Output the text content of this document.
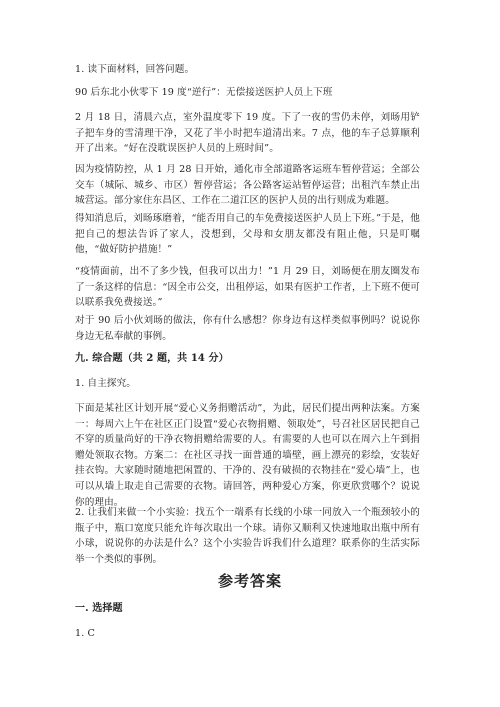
1. 读下面材料，回答问题。

90 后东北小伙零下 19 度“逆行”：无偿接送医护人员上下班

2 月 18 日，清晨六点，室外温度零下 19 度。下了一夜的雪仍未停，刘旸用铲子把车身的雪清理干净，又花了半小时把车道清出来。7 点，他的车子总算顺利开了出来。“好在没耽误医护人员的上班时间”。

因为疫情防控，从 1 月 28 日开始，通化市全部道路客运班车暂停营运；全部公交车（城际、城乡、市区）暂停营运；各公路客运站暂停运营；出租汽车禁止出城营运。部分家住东昌区、工作在二道江区的医护人员的出行则成为难题。

得知消息后，刘旸琢磨着，“能否用自己的车免费接送医护人员上下班。”于是，他把自己的想法告诉了家人，没想到，父母和女朋友都没有阻止他，只是叮嘱他，“做好防护措施！”

“疫情面前，出不了多少钱，但我可以出力！”1 月 29 日，刘旸便在朋友圈发布了一条这样的信息：“因全市公交，出租停运，如果有医护工作者，上下班不便可以联系我免费接送。”

对于 90 后小伙刘旸的做法，你有什么感想？你身边有这样类似事例吗？说说你身边无私奉献的事例。

九. 综合题（共 2 题，共 14 分）

1. 自主探究。

下面是某社区计划开展“爱心义务捐赠活动”，为此，居民们提出两种法案。方案一：每周六上午在社区正门设置“爱心衣物捐赠、领取处”，号召社区居民把自己不穿的质量尚好的干净衣物捐赠给需要的人。有需要的人也可以在周六上午到捐赠处领取衣物。方案二：在社区寻找一面普通的墙壁，画上漂亮的彩绘，安装好挂衣钩。大家随时随地把闲置的、干净的、没有破损的衣物挂在“爱心墙”上，也可以从墙上取走自己需要的衣物。请回答，两种爱心方案，你更欣赏哪个？说说你的理由。

2. 让我们来做一个小实验：找五个一端系有长线的小球一同放入一个瓶颈较小的瓶子中，瓶口宽度只能允许每次取出一个球。请你又顺利又快速地取出瓶中所有小球，说说你的办法是什么？这个小实验告诉我们什么道理？联系你的生活实际举一个类似的事例。

参考答案

一. 选择题

1. C
